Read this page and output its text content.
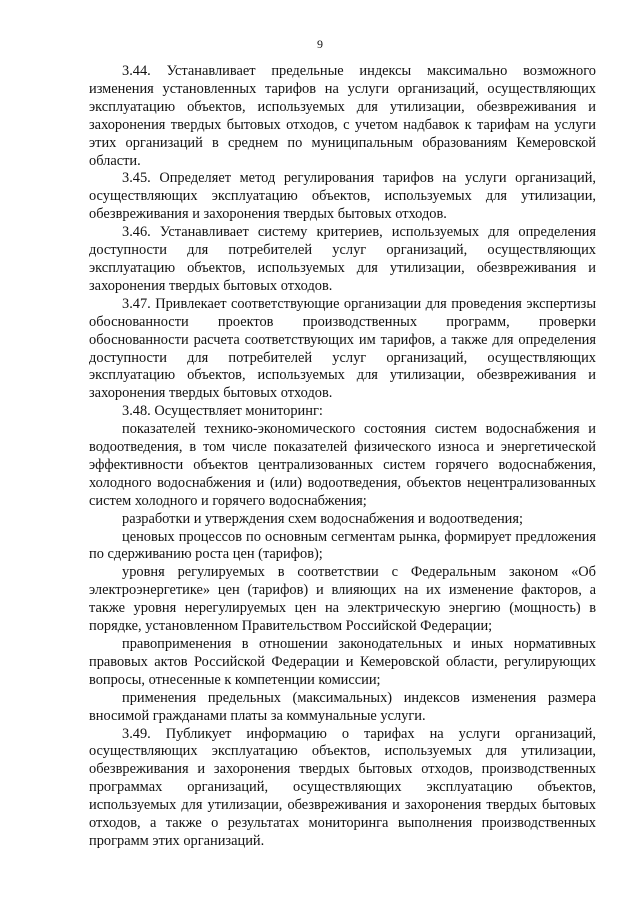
9

3.44. Устанавливает предельные индексы максимально возможного изменения установленных тарифов на услуги организаций, осуществляющих эксплуатацию объектов, используемых для утилизации, обезвреживания и захоронения твердых бытовых отходов, с учетом надбавок к тарифам на услуги этих организаций в среднем по муниципальным образованиям Кемеровской области.

3.45. Определяет метод регулирования тарифов на услуги организаций, осуществляющих эксплуатацию объектов, используемых для утилизации, обезвреживания и захоронения твердых бытовых отходов.

3.46. Устанавливает систему критериев, используемых для определения доступности для потребителей услуг организаций, осуществляющих эксплуатацию объектов, используемых для утилизации, обезвреживания и захоронения твердых бытовых отходов.

3.47. Привлекает соответствующие организации для проведения экспертизы обоснованности проектов производственных программ, проверки обоснованности расчета соответствующих им тарифов, а также для определения доступности для потребителей услуг организаций, осуществляющих эксплуатацию объектов, используемых для утилизации, обезвреживания и захоронения твердых бытовых отходов.

3.48. Осуществляет мониторинг:

показателей технико-экономического состояния систем водоснабжения и водоотведения, в том числе показателей физического износа и энергетической эффективности объектов централизованных систем горячего водоснабжения, холодного водоснабжения и (или) водоотведения, объектов нецентрализованных систем холодного и горячего водоснабжения;

разработки и утверждения схем водоснабжения и водоотведения;

ценовых процессов по основным сегментам рынка, формирует предложения по сдерживанию роста цен (тарифов);

уровня регулируемых в соответствии с Федеральным законом «Об электроэнергетике» цен (тарифов) и влияющих на их изменение факторов, а также уровня нерегулируемых цен на электрическую энергию (мощность) в порядке, установленном Правительством Российской Федерации;

правоприменения в отношении законодательных и иных нормативных правовых актов Российской Федерации и Кемеровской области, регулирующих вопросы, отнесенные к компетенции комиссии;

применения предельных (максимальных) индексов изменения размера вносимой гражданами платы за коммунальные услуги.

3.49. Публикует информацию о тарифах на услуги организаций, осуществляющих эксплуатацию объектов, используемых для утилизации, обезвреживания и захоронения твердых бытовых отходов, производственных программах организаций, осуществляющих эксплуатацию объектов, используемых для утилизации, обезвреживания и захоронения твердых бытовых отходов, а также о результатах мониторинга выполнения производственных программ этих организаций.
